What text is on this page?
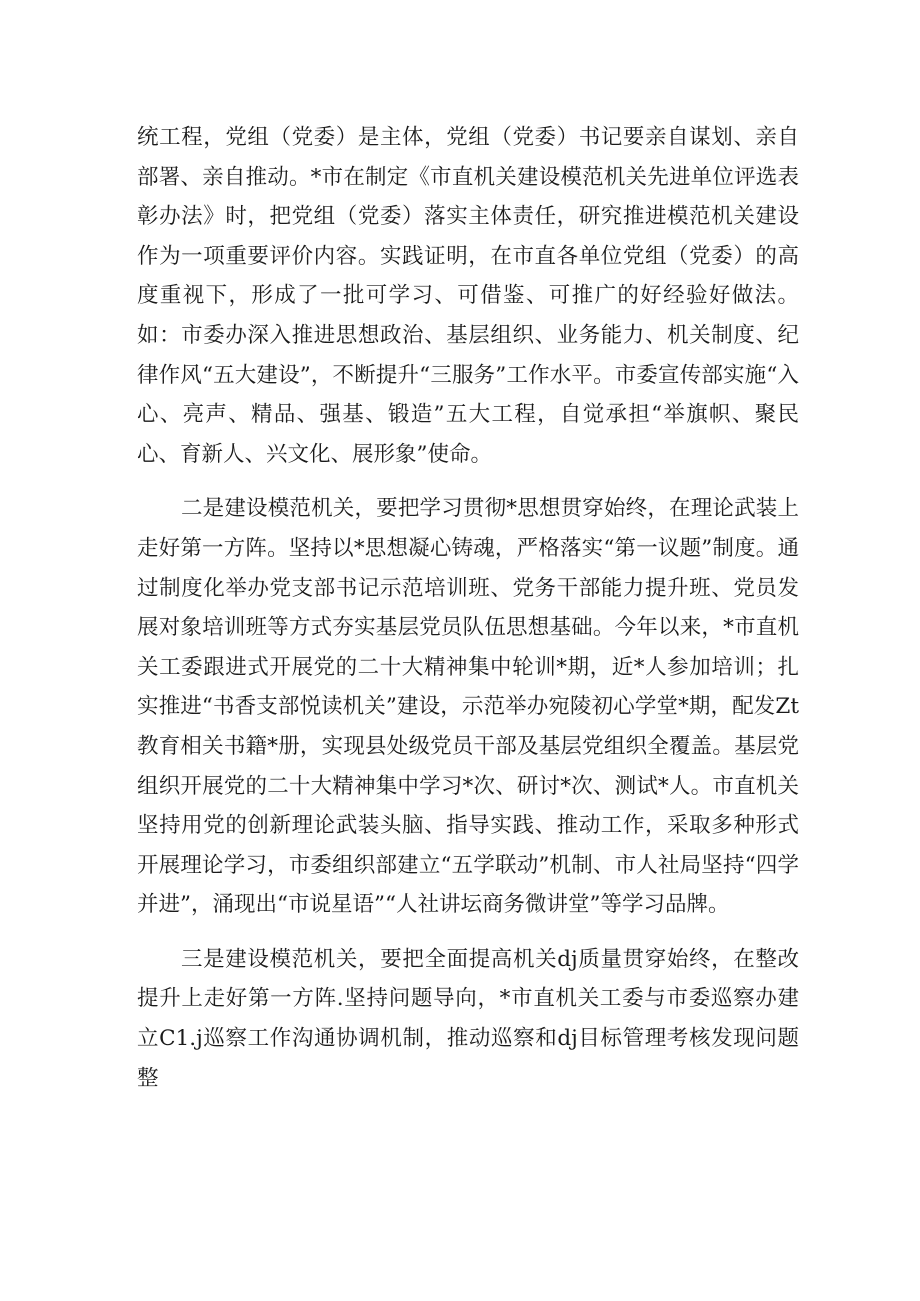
统工程，党组（党委）是主体，党组（党委）书记要亲自谋划、亲自部署、亲自推动。*市在制定《市直机关建设模范机关先进单位评选表彰办法》时，把党组（党委）落实主体责任，研究推进模范机关建设作为一项重要评价内容。实践证明，在市直各单位党组（党委）的高度重视下，形成了一批可学习、可借鉴、可推广的好经验好做法。如：市委办深入推进思想政治、基层组织、业务能力、机关制度、纪律作风“五大建设”，不断提升“三服务”工作水平。市委宣传部实施“入心、亮声、精品、强基、锻造”五大工程，自觉承担“举旗帜、聚民心、育新人、兴文化、展形象”使命。

二是建设模范机关，要把学习贯彻*思想贯穿始终，在理论武装上走好第一方阵。坚持以*思想凝心铸魂，严格落实“第一议题”制度。通过制度化举办党支部书记示范培训班、党务干部能力提升班、党员发展对象培训班等方式夯实基层党员队伍思想基础。今年以来，*市直机关工委跟进式开展党的二十大精神集中轮训*期，近*人参加培训；扎实推进“书香支部悦读机关”建设，示范举办宛陵初心学堂*期，配发Zt教育相关书籍*册，实现县处级党员干部及基层党组织全覆盖。基层党组织开展党的二十大精神集中学习*次、研讨*次、测试*人。市直机关坚持用党的创新理论武装头脑、指导实践、推动工作，采取多种形式开展理论学习，市委组织部建立“五学联动”机制、市人社局坚持“四学并进”，涌现出“市说星语”“人社讲坛商务微讲堂”等学习品牌。

三是建设模范机关，要把全面提高机关dj质量贯穿始终，在整改提升上走好第一方阵.坚持问题导向，*市直机关工委与市委巡察办建立C1.j巡察工作沟通协调机制，推动巡察和dj目标管理考核发现问题整
